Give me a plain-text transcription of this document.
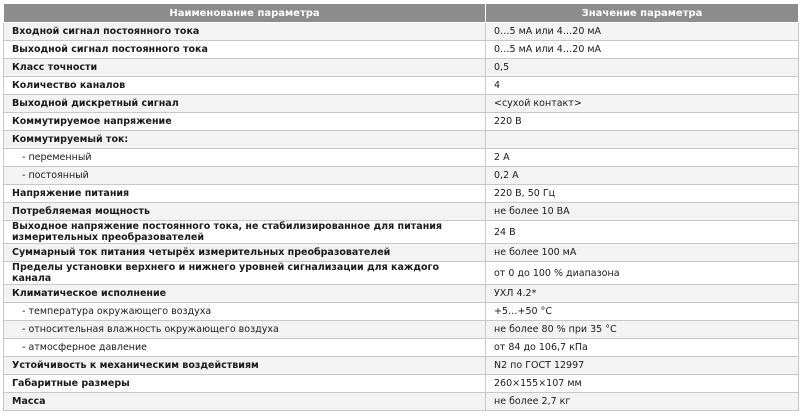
Наименование параметра	Значение параметра
Входной сигнал постоянного тока	0…5 мА или 4…20 мА
Выходной сигнал постоянного тока	0…5 мА или 4…20 мА
Класс точности	0,5
Количество каналов	4
Выходной дискретный сигнал	<сухой контакт>
Коммутируемое напряжение	220 В
Коммутируемый ток:	
- переменный	2 А
- постоянный	0,2 А
Напряжение питания	220 В, 50 Гц
Потребляемая мощность	не более 10 ВА
Выходное напряжение постоянного тока, не стабилизированное для питания измерительных преобразователей	24 В
Суммарный ток питания четырёх измерительных преобразователей	не более 100 мА
Пределы установки верхнего и нижнего уровней сигнализации для каждого канала	от 0 до 100 % диапазона
Климатическое исполнение	УХЛ 4.2*
- температура окружающего воздуха	+5…+50 °С
- относительная влажность окружающего воздуха	не более 80 % при 35 °С
- атмосферное давление	от 84 до 106,7 кПа
Устойчивость к механическим воздействиям	N2 по ГОСТ 12997
Габаритные размеры	260×155×107 мм
Масса	не более 2,7 кг
